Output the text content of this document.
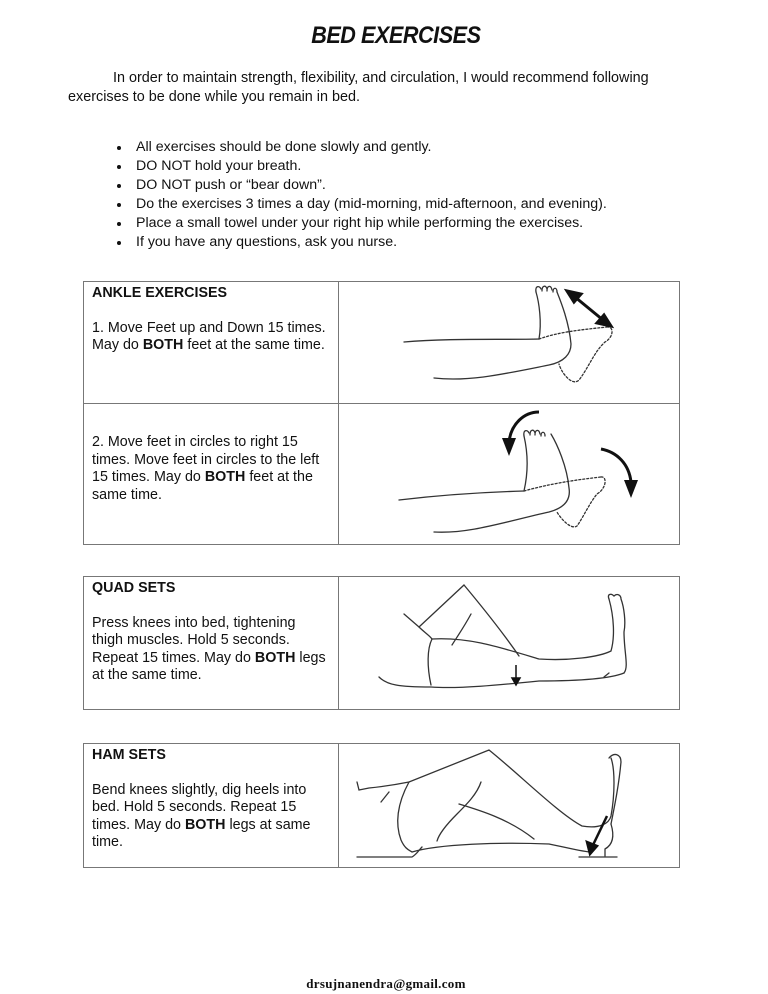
BED EXERCISES

In order to maintain strength, flexibility, and circulation, I would recommend following exercises to be done while you remain in bed.

All exercises should be done slowly and gently.
DO NOT hold your breath.
DO NOT push or “bear down”.
Do the exercises 3 times a day (mid-morning, mid-afternoon, and evening).
Place a small towel under your right hip while performing the exercises.
If you have any questions, ask you nurse.
ANKLE EXERCISES
1. Move Feet up and Down 15 times. May do BOTH feet at the same time.

2. Move feet in circles to right 15 times. Move feet in circles to the left 15 times. May do BOTH feet at the same time.

QUAD SETS
Press knees into bed, tightening thigh muscles. Hold 5 seconds. Repeat 15 times. May do BOTH legs at the same time.

HAM SETS
Bend knees slightly, dig heels into bed. Hold 5 seconds. Repeat 15 times. May do BOTH legs at same time.

drsujnanendra@gmail.com
